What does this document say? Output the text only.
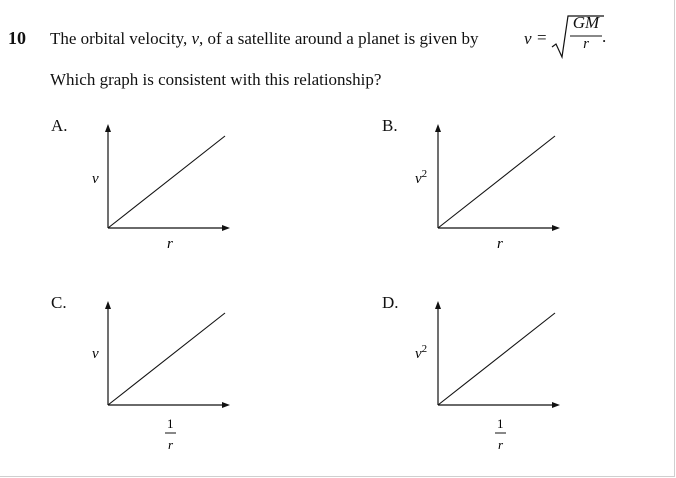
10 The orbital velocity, v, of a satellite around a planet is given by	v =
GM
r .
Which graph is consistent with this relationship?
A.
v
r
B.
$v^2$
r
C.
v
1
r
D.
$v^2$
1
r
